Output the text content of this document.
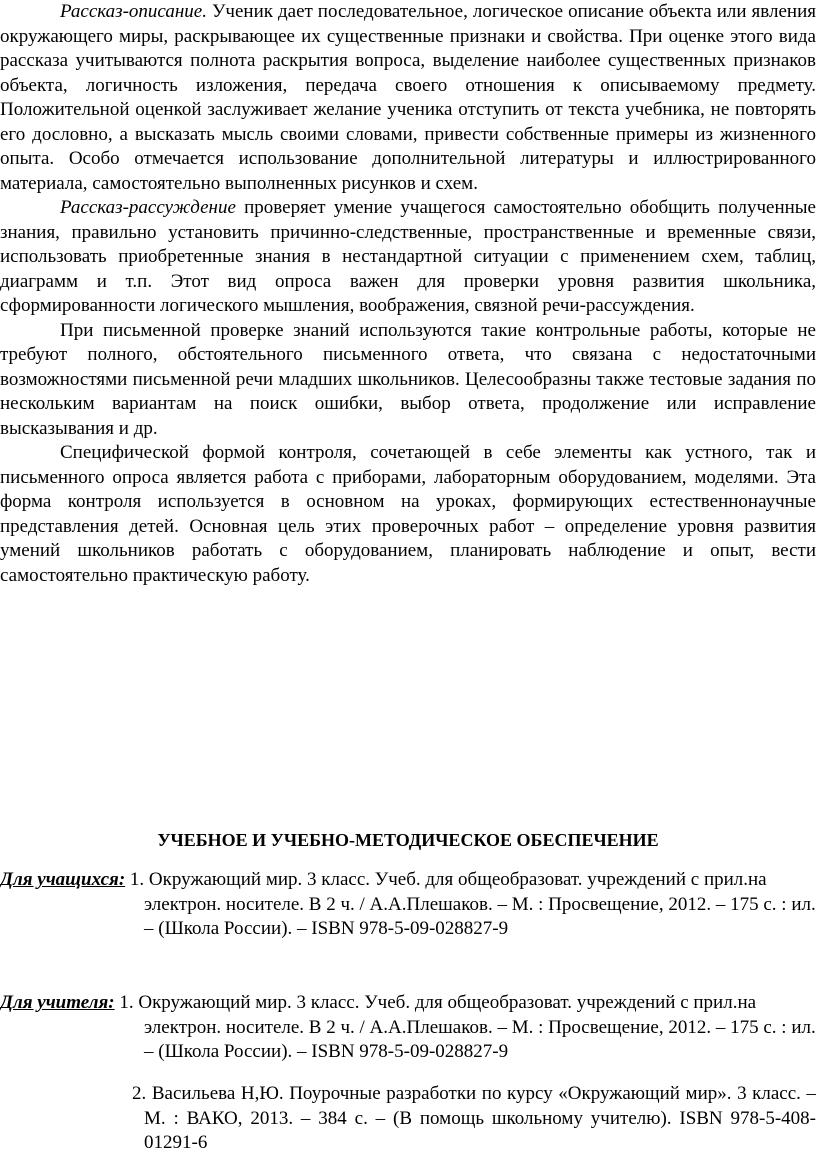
Рассказ-описание. Ученик дает последовательное, логическое описание объекта или явления окружающего миры, раскрывающее их существенные признаки и свойства. При оценке этого вида рассказа учитываются полнота раскрытия вопроса, выделение наиболее существенных признаков объекта, логичность изложения, передача своего отношения к описываемому предмету. Положительной оценкой заслуживает желание ученика отступить от текста учебника, не повторять его дословно, а высказать мысль своими словами, привести собственные примеры из жизненного опыта. Особо отмечается использование дополнительной литературы и иллюстрированного материала, самостоятельно выполненных рисунков и схем.

Рассказ-рассуждение проверяет умение учащегося самостоятельно обобщить полученные знания, правильно установить причинно-следственные, пространственные и временные связи, использовать приобретенные знания в нестандартной ситуации с применением схем, таблиц, диаграмм и т.п. Этот вид опроса важен для проверки уровня развития школьника, сформированности логического мышления, воображения, связной речи-рассуждения.

При письменной проверке знаний используются такие контрольные работы, которые не требуют полного, обстоятельного письменного ответа, что связана с недостаточными возможностями письменной речи младших школьников. Целесообразны также тестовые задания по нескольким вариантам на поиск ошибки, выбор ответа, продолжение или исправление высказывания и др.

Специфической формой контроля, сочетающей в себе элементы как устного, так и письменного опроса является работа с приборами, лабораторным оборудованием, моделями. Эта форма контроля используется в основном на уроках, формирующих естественнонаучные представления детей. Основная цель этих проверочных работ – определение уровня развития умений школьников работать с оборудованием, планировать наблюдение и опыт, вести самостоятельно практическую работу.

УЧЕБНОЕ И УЧЕБНО-МЕТОДИЧЕСКОЕ ОБЕСПЕЧЕНИЕ

Для учащихся: 1. Окружающий мир. 3 класс. Учеб. для общеобразоват. учреждений с прил.на электрон. носителе. В 2 ч. / А.А.Плешаков. – М. : Просвещение, 2012. – 175 с. : ил. – (Школа России). – ISBN 978-5-09-028827-9

Для учителя: 1. Окружающий мир. 3 класс. Учеб. для общеобразоват. учреждений с прил.на электрон. носителе. В 2 ч. / А.А.Плешаков. – М. : Просвещение, 2012. – 175 с. : ил. – (Школа России). – ISBN 978-5-09-028827-9

2. Васильева Н,Ю. Поурочные разработки по курсу «Окружающий мир». 3 класс. – М. : ВАКО, 2013. – 384 с. – (В помощь школьному учителю). ISBN 978-5-408-01291-6
